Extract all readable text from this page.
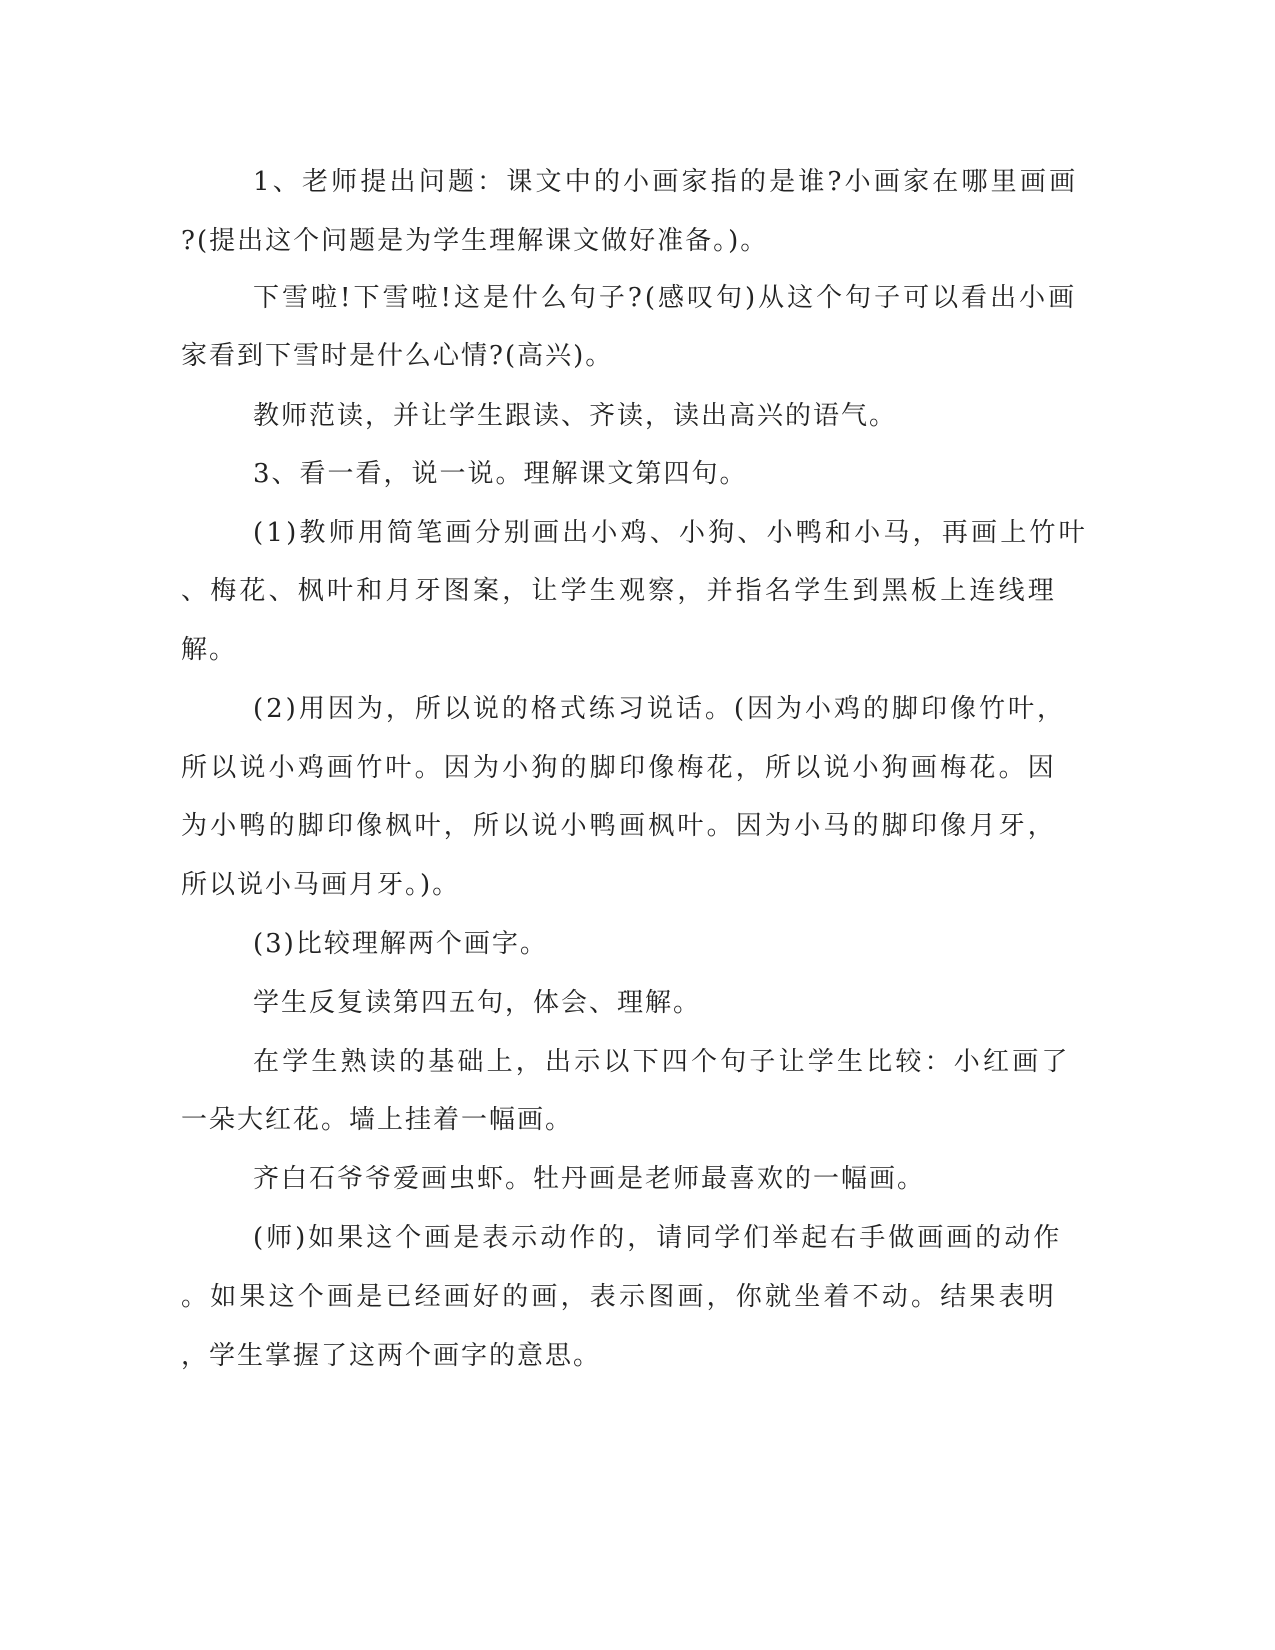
1、老师提出问题：课文中的小画家指的是谁?小画家在哪里画画
?(提出这个问题是为学生理解课文做好准备。)。
下雪啦!下雪啦!这是什么句子?(感叹句)从这个句子可以看出小画
家看到下雪时是什么心情?(高兴)。
教师范读，并让学生跟读、齐读，读出高兴的语气。
3、看一看，说一说。理解课文第四句。
(1)教师用简笔画分别画出小鸡、小狗、小鸭和小马，再画上竹叶
、梅花、枫叶和月牙图案，让学生观察，并指名学生到黑板上连线理
解。
(2)用因为，所以说的格式练习说话。(因为小鸡的脚印像竹叶，
所以说小鸡画竹叶。因为小狗的脚印像梅花，所以说小狗画梅花。因
为小鸭的脚印像枫叶，所以说小鸭画枫叶。因为小马的脚印像月牙，
所以说小马画月牙。)。
(3)比较理解两个画字。
学生反复读第四五句，体会、理解。
在学生熟读的基础上，出示以下四个句子让学生比较：小红画了
一朵大红花。墙上挂着一幅画。
齐白石爷爷爱画虫虾。牡丹画是老师最喜欢的一幅画。
(师)如果这个画是表示动作的，请同学们举起右手做画画的动作
。如果这个画是已经画好的画，表示图画，你就坐着不动。结果表明
，学生掌握了这两个画字的意思。
